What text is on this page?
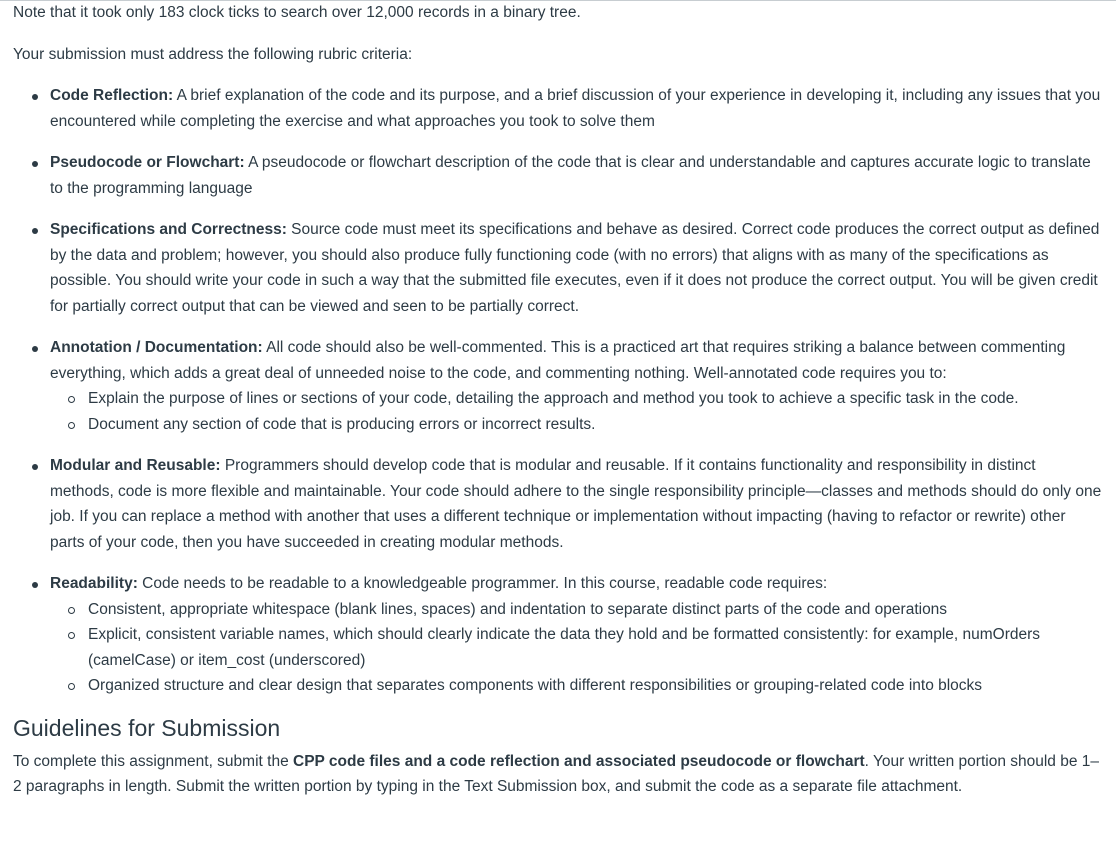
Note that it took only 183 clock ticks to search over 12,000 records in a binary tree.

Your submission must address the following rubric criteria:

Code Reflection: A brief explanation of the code and its purpose, and a brief discussion of your experience in developing it, including any issues that you encountered while completing the exercise and what approaches you took to solve them
Pseudocode or Flowchart: A pseudocode or flowchart description of the code that is clear and understandable and captures accurate logic to translate to the programming language
Specifications and Correctness: Source code must meet its specifications and behave as desired. Correct code produces the correct output as defined by the data and problem; however, you should also produce fully functioning code (with no errors) that aligns with as many of the specifications as possible. You should write your code in such a way that the submitted file executes, even if it does not produce the correct output. You will be given credit for partially correct output that can be viewed and seen to be partially correct.
Annotation / Documentation: All code should also be well-commented. This is a practiced art that requires striking a balance between commenting everything, which adds a great deal of unneeded noise to the code, and commenting nothing. Well-annotated code requires you to:
Explain the purpose of lines or sections of your code, detailing the approach and method you took to achieve a specific task in the code.
Document any section of code that is producing errors or incorrect results.
Modular and Reusable: Programmers should develop code that is modular and reusable. If it contains functionality and responsibility in distinct methods, code is more flexible and maintainable. Your code should adhere to the single responsibility principle—classes and methods should do only one job. If you can replace a method with another that uses a different technique or implementation without impacting (having to refactor or rewrite) other parts of your code, then you have succeeded in creating modular methods.
Readability: Code needs to be readable to a knowledgeable programmer. In this course, readable code requires:
Consistent, appropriate whitespace (blank lines, spaces) and indentation to separate distinct parts of the code and operations
Explicit, consistent variable names, which should clearly indicate the data they hold and be formatted consistently: for example, numOrders (camelCase) or item_cost (underscored)
Organized structure and clear design that separates components with different responsibilities or grouping-related code into blocks
Guidelines for Submission

To complete this assignment, submit the CPP code files and a code reflection and associated pseudocode or flowchart. Your written portion should be 1–2 paragraphs in length. Submit the written portion by typing in the Text Submission box, and submit the code as a separate file attachment.
